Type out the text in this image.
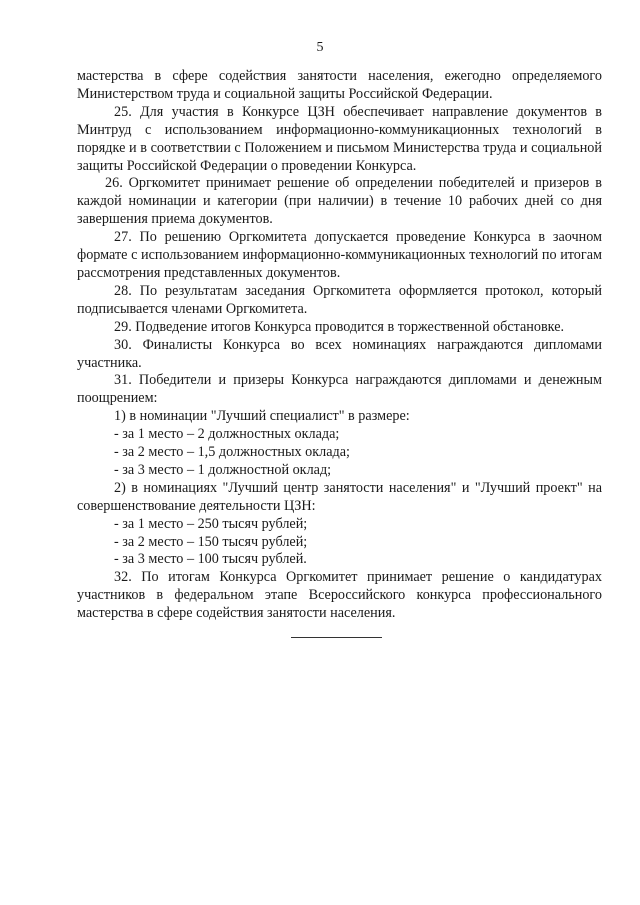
5

мастерства в сфере содействия занятости населения, ежегодно определяемого Министерством труда и социальной защиты Российской Федерации.

25. Для участия в Конкурсе ЦЗН обеспечивает направление документов в Минтруд с использованием информационно-коммуникационных технологий в порядке и в соответствии с Положением и письмом Министерства труда и социальной защиты Российской Федерации о проведении Конкурса.

26. Оргкомитет принимает решение об определении победителей и призеров в каждой номинации и категории (при наличии) в течение 10 рабочих дней со дня завершения приема документов.

27. По решению Оргкомитета допускается проведение Конкурса в заочном формате с использованием информационно-коммуникационных технологий по итогам рассмотрения представленных документов.

28. По результатам заседания Оргкомитета оформляется протокол, который подписывается членами Оргкомитета.

29. Подведение итогов Конкурса проводится в торжественной обстановке.

30. Финалисты Конкурса во всех номинациях награждаются дипломами участника.

31. Победители и призеры Конкурса награждаются дипломами и денежным поощрением:

1) в номинации "Лучший специалист" в размере:

- за 1 место – 2 должностных оклада;

- за 2 место – 1,5 должностных оклада;

- за 3 место – 1 должностной оклад;

2) в номинациях "Лучший центр занятости населения" и "Лучший проект" на совершенствование деятельности ЦЗН:

- за 1 место – 250 тысяч рублей;

- за 2 место – 150 тысяч рублей;

- за 3 место – 100 тысяч рублей.

32. По итогам Конкурса Оргкомитет принимает решение о кандидатурах участников в федеральном этапе Всероссийского конкурса профессионального мастерства в сфере содействия занятости населения.
